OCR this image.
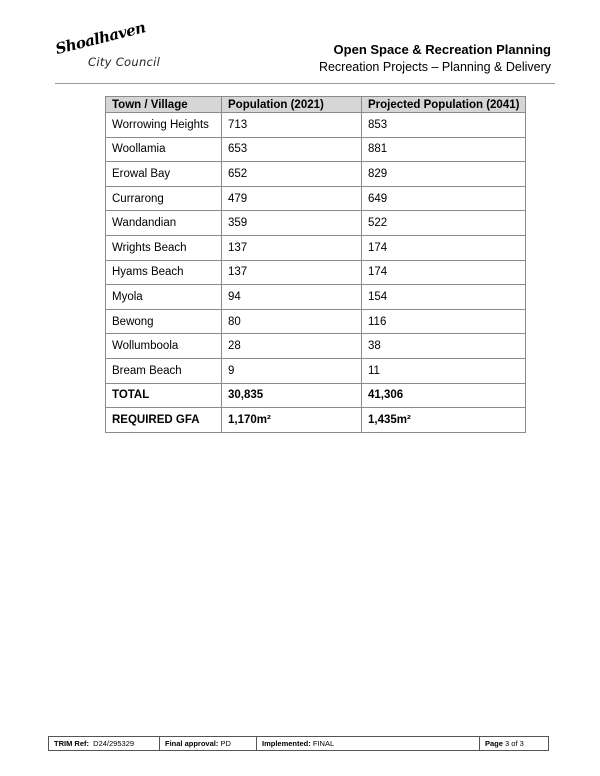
Shoalhaven
City Council
Open Space & Recreation Planning
Recreation Projects – Planning & Delivery
Town / Village	Population (2021)	Projected Population (2041)
Worrowing Heights	713	853
Woollamia	653	881
Erowal Bay	652	829
Currarong	479	649
Wandandian	359	522
Wrights Beach	137	174
Hyams Beach	137	174
Myola	94	154
Bewong	80	116
Wollumboola	28	38
Bream Beach	9	11
TOTAL	30,835	41,306
REQUIRED GFA	1,170m²	1,435m²
TRIM Ref: D24/295329	Final approval: PD	Implemented: FINAL	Page 3 of 3
